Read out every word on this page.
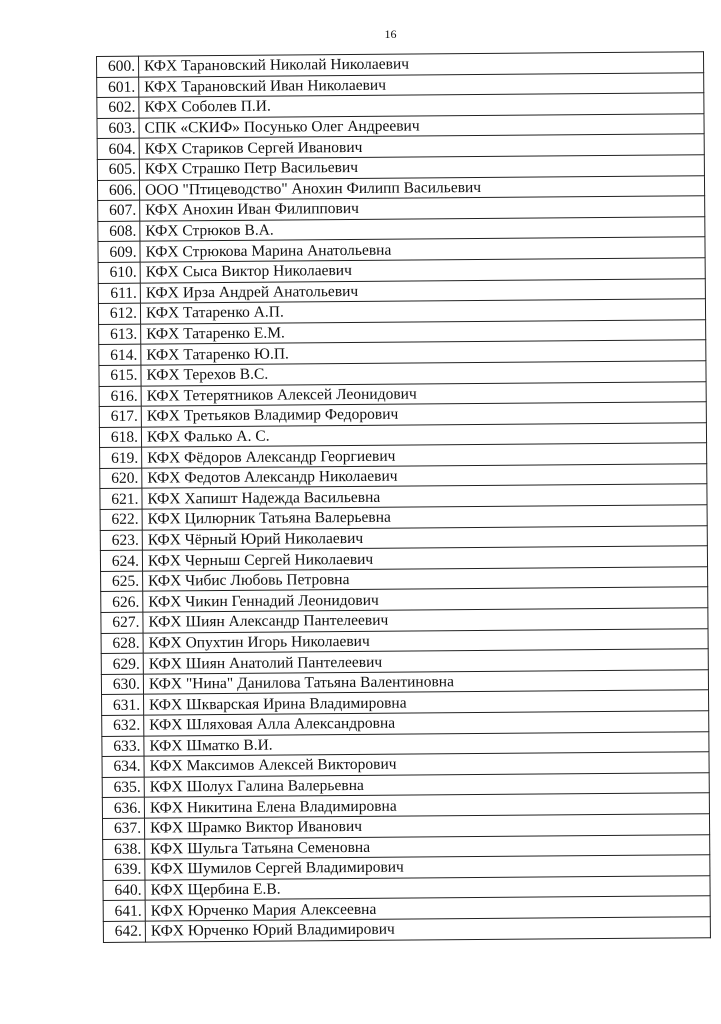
16
600.	КФХ Тарановский Николай Николаевич
601.	КФХ Тарановский Иван Николаевич
602.	КФХ Соболев П.И.
603.	СПК «СКИФ» Посунько Олег Андреевич
604.	КФХ Стариков Сергей Иванович
605.	КФХ Страшко Петр Васильевич
606.	ООО "Птицеводство" Анохин Филипп Васильевич
607.	КФХ Анохин Иван Филиппович
608.	КФХ Стрюков В.А.
609.	КФХ Стрюкова Марина Анатольевна
610.	КФХ Сыса Виктор Николаевич
611.	КФХ Ирза Андрей Анатольевич
612.	КФХ Татаренко А.П.
613.	КФХ Татаренко Е.М.
614.	КФХ Татаренко Ю.П.
615.	КФХ Терехов В.С.
616.	КФХ Тетерятников Алексей Леонидович
617.	КФХ Третьяков Владимир Федорович
618.	КФХ Фалько А. С.
619.	КФХ Фёдоров Александр Георгиевич
620.	КФХ Федотов Александр Николаевич
621.	КФХ Хапишт Надежда Васильевна
622.	КФХ Цилюрник Татьяна Валерьевна
623.	КФХ Чёрный Юрий Николаевич
624.	КФХ Черныш Сергей Николаевич
625.	КФХ Чибис Любовь Петровна
626.	КФХ Чикин Геннадий Леонидович
627.	КФХ Шиян Александр Пантелеевич
628.	КФХ Опухтин Игорь Николаевич
629.	КФХ Шиян Анатолий Пантелеевич
630.	КФХ "Нина" Данилова Татьяна Валентиновна
631.	КФХ Шкварская Ирина Владимировна
632.	КФХ Шляховая Алла Александровна
633.	КФХ Шматко В.И.
634.	КФХ Максимов Алексей Викторович
635.	КФХ Шолух Галина Валерьевна
636.	КФХ Никитина Елена Владимировна
637.	КФХ Шрамко Виктор Иванович
638.	КФХ Шульга Татьяна Семеновна
639.	КФХ Шумилов Сергей Владимирович
640.	КФХ Щербина Е.В.
641.	КФХ Юрченко Мария Алексеевна
642.	КФХ Юрченко Юрий Владимирович
